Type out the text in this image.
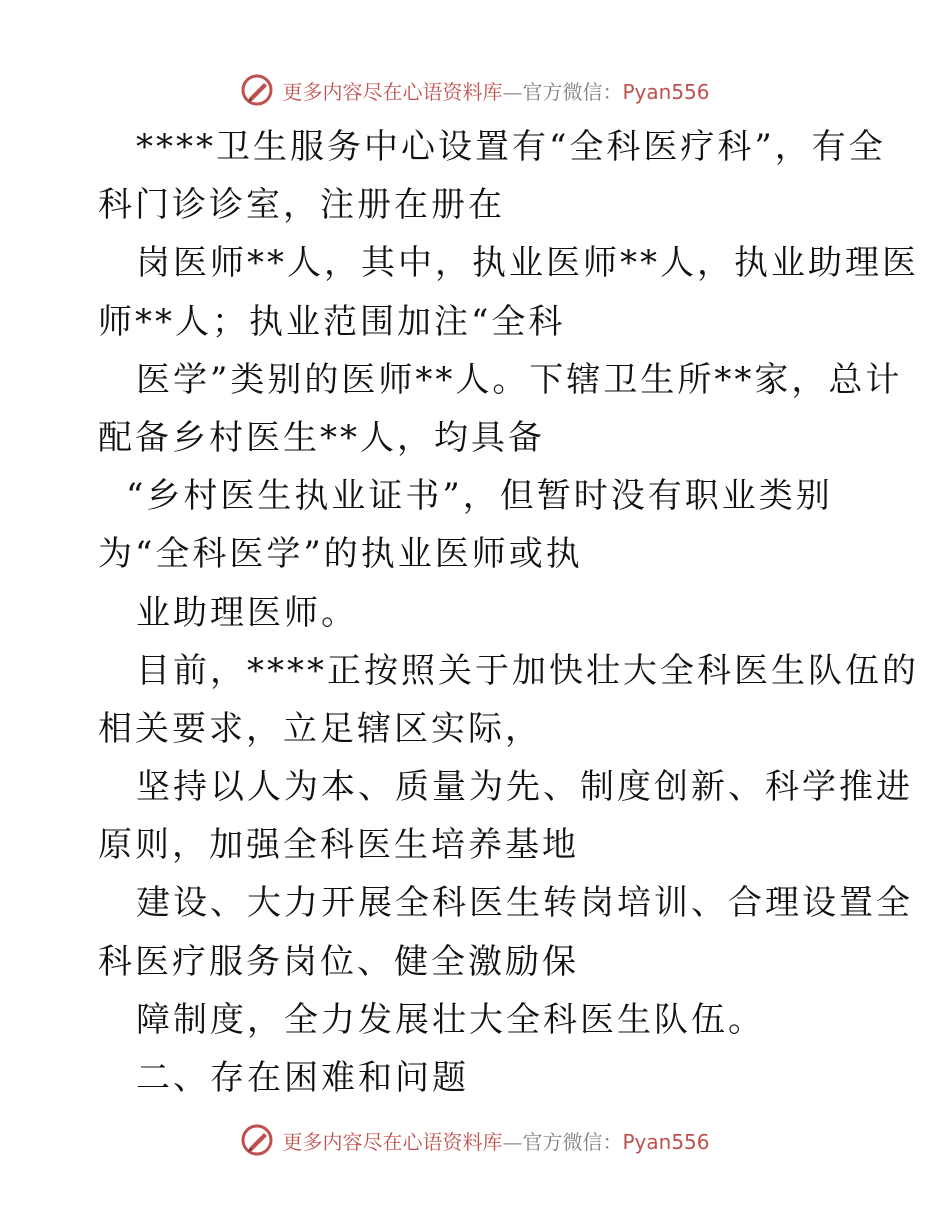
更多内容尽在心语资料库—官方微信：Pyan556
****卫生服务中心设置有“全科医疗科”，有全
科门诊诊室，注册在册在
岗医师**人，其中，执业医师**人，执业助理医
师**人；执业范围加注“全科
医学”类别的医师**人。下辖卫生所**家，总计
配备乡村医生**人，均具备
“乡村医生执业证书”，但暂时没有职业类别
为“全科医学”的执业医师或执
业助理医师。
目前，****正按照关于加快壮大全科医生队伍的
相关要求，立足辖区实际，
坚持以人为本、质量为先、制度创新、科学推进
原则，加强全科医生培养基地
建设、大力开展全科医生转岗培训、合理设置全
科医疗服务岗位、健全激励保
障制度，全力发展壮大全科医生队伍。
二、存在困难和问题
更多内容尽在心语资料库—官方微信：Pyan556
